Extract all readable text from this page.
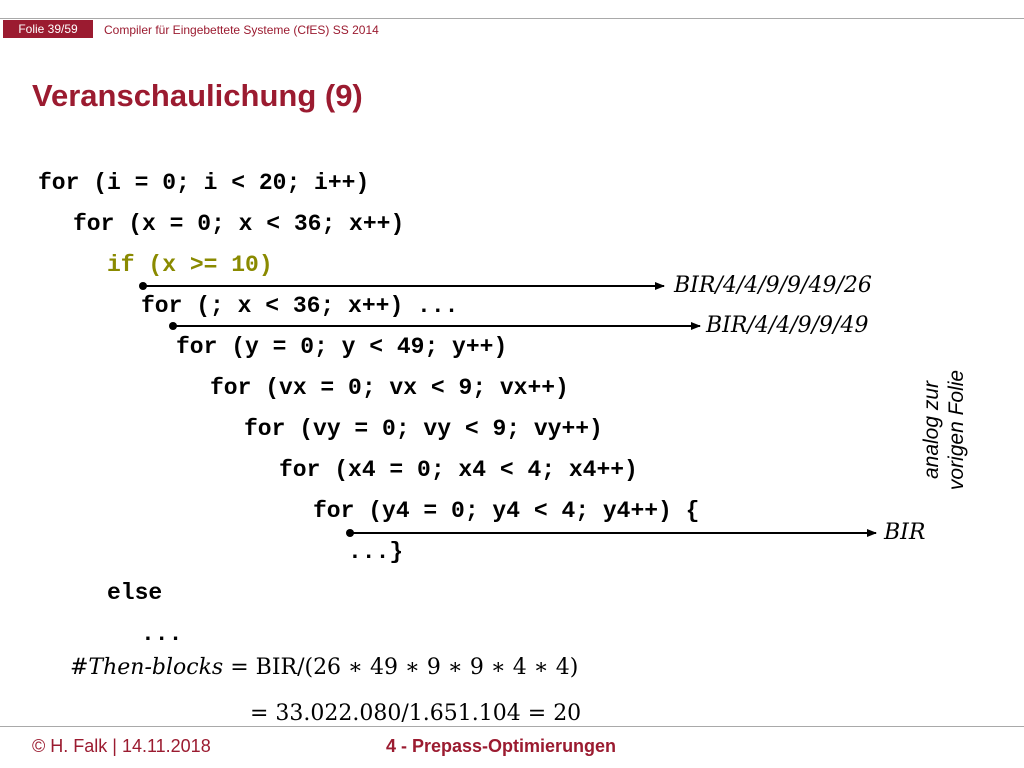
Folie 39/59	Compiler für Eingebettete Systeme (CfES) SS 2014
Veranschaulichung (9)
for (i = 0; i < 20; i++)
for (x = 0; x < 36; x++)
if (x >= 10)
for (; x < 36; x++) ...
for (y = 0; y < 49; y++)
for (vx = 0; vx < 9; vx++)
for (vy = 0; vy < 9; vy++)
for (x4 = 0; x4 < 4; x4++)
for (y4 = 0; y4 < 4; y4++) {
...}
else
...
BIR/4/4/9/9/49/26
BIR/4/4/9/9/49
BIR
analog zur vorigen Folie
#Then-blocks = BIR/(26 ∗ 49 ∗ 9 ∗ 9 ∗ 4 ∗ 4)
= 33.022.080/1.651.104 = 20
© H. Falk | 14.11.2018	4 - Prepass-Optimierungen
